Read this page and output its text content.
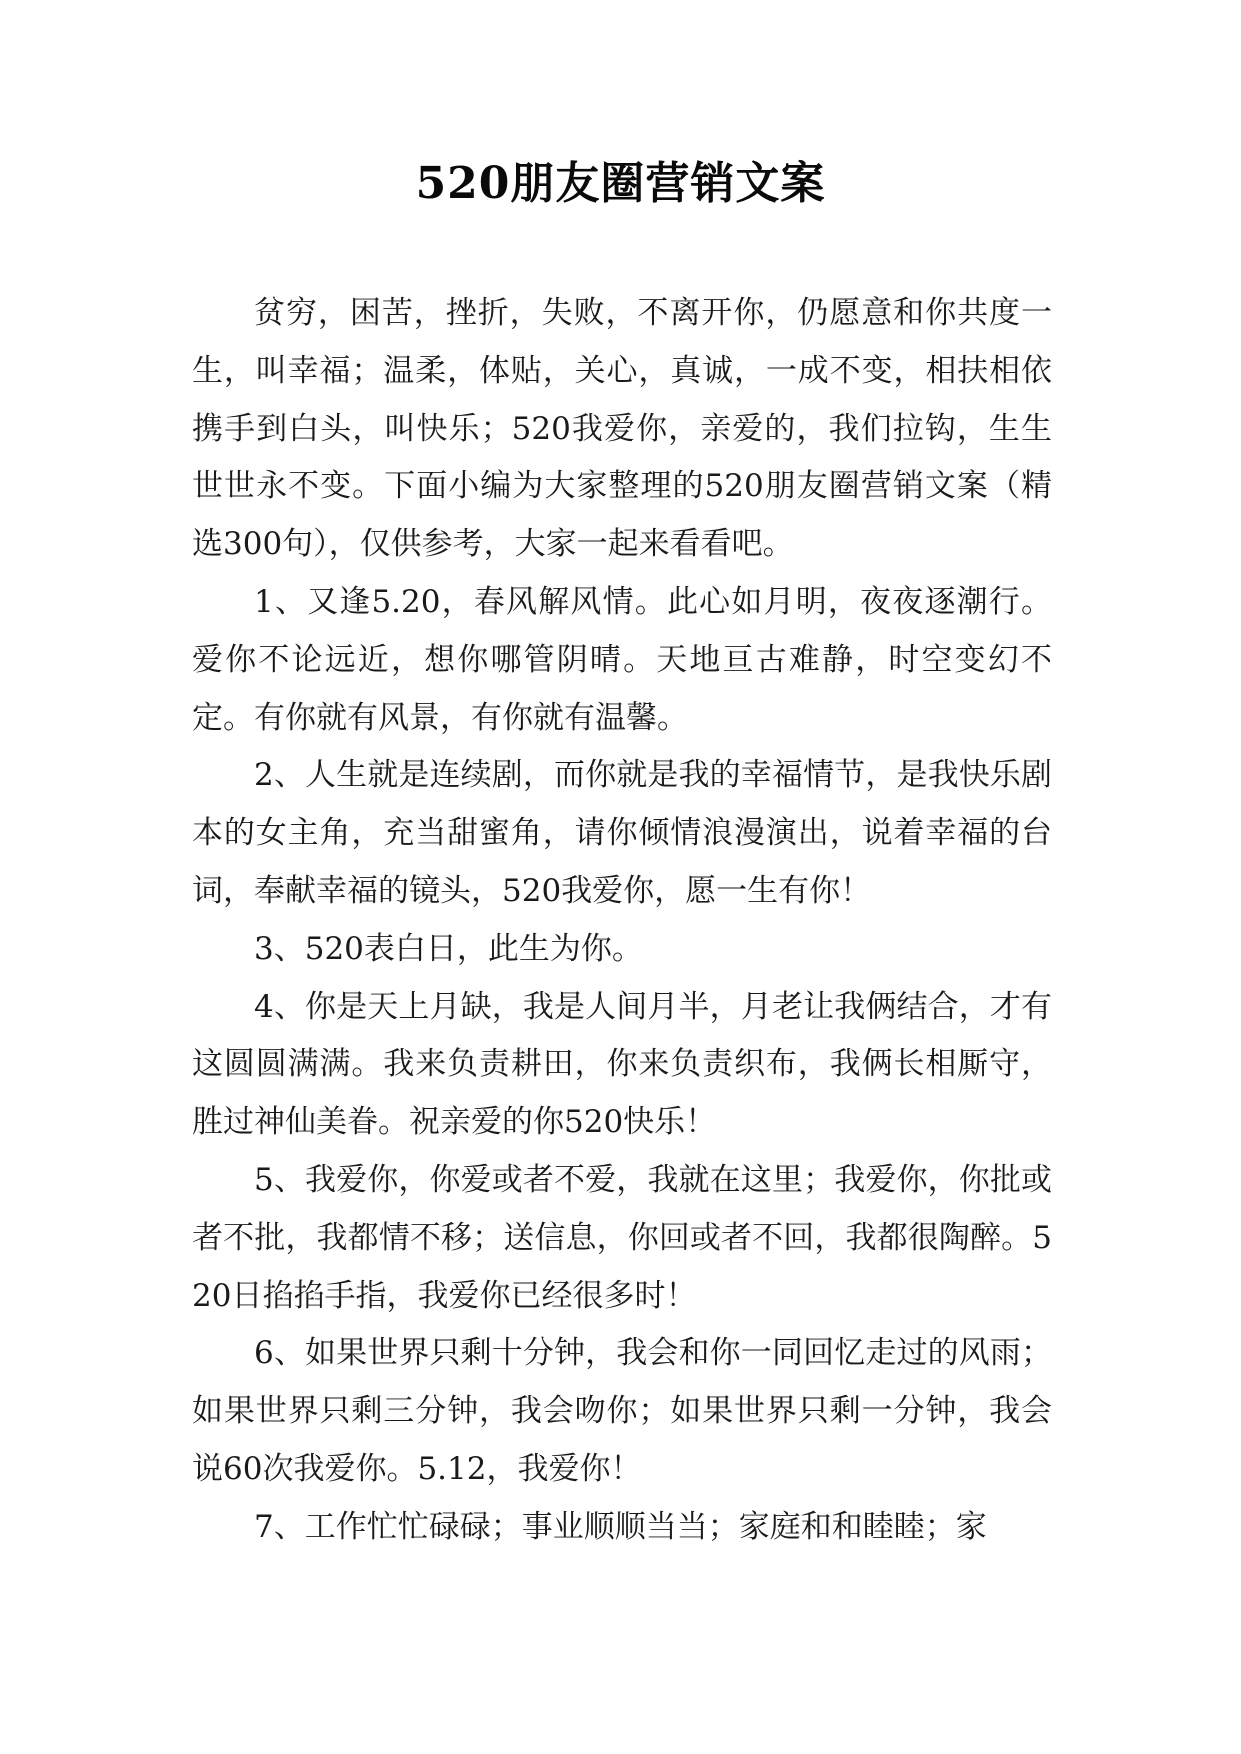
520朋友圈营销文案

贫穷，困苦，挫折，失败，不离开你，仍愿意和你共度一生，叫幸福；温柔，体贴，关心，真诚，一成不变，相扶相依携手到白头，叫快乐；520我爱你，亲爱的，我们拉钩，生生世世永不变。下面小编为大家整理的520朋友圈营销文案（精选300句），仅供参考，大家一起来看看吧。

1、又逢5.20，春风解风情。此心如月明，夜夜逐潮行。爱你不论远近，想你哪管阴晴。天地亘古难静，时空变幻不定。有你就有风景，有你就有温馨。

2、人生就是连续剧，而你就是我的幸福情节，是我快乐剧本的女主角，充当甜蜜角，请你倾情浪漫演出，说着幸福的台词，奉献幸福的镜头，520我爱你，愿一生有你！

3、520表白日，此生为你。

4、你是天上月缺，我是人间月半，月老让我俩结合，才有这圆圆满满。我来负责耕田，你来负责织布，我俩长相厮守，胜过神仙美眷。祝亲爱的你520快乐！

5、我爱你，你爱或者不爱，我就在这里；我爱你，你批或者不批，我都情不移；送信息，你回或者不回，我都很陶醉。520日掐掐手指，我爱你已经很多时！

6、如果世界只剩十分钟，我会和你一同回忆走过的风雨；如果世界只剩三分钟，我会吻你；如果世界只剩一分钟，我会说60次我爱你。5.12，我爱你！

7、工作忙忙碌碌；事业顺顺当当；家庭和和睦睦；家
